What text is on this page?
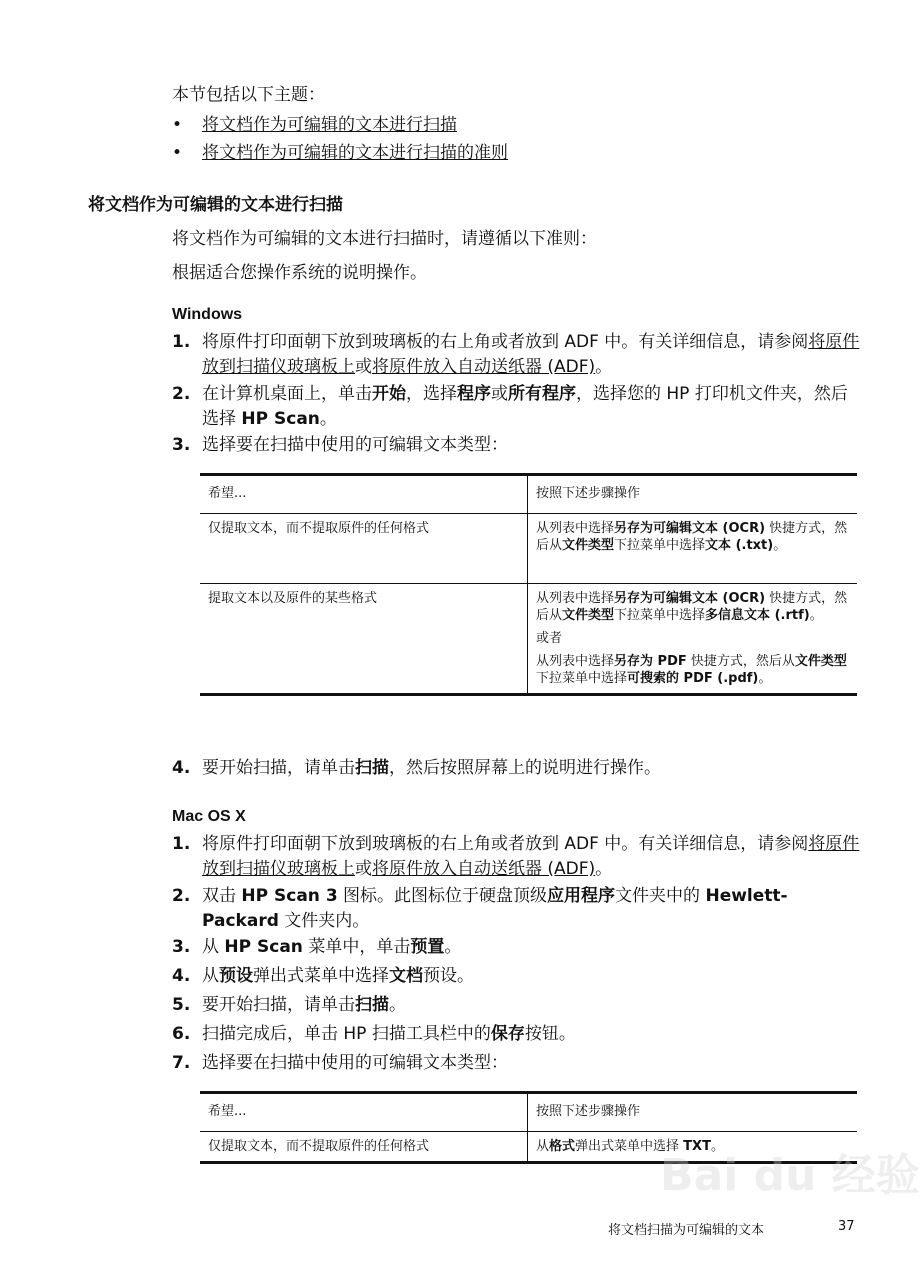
本节包括以下主题：
• 将文档作为可编辑的文本进行扫描
• 将文档作为可编辑的文本进行扫描的准则
将文档作为可编辑的文本进行扫描
将文档作为可编辑的文本进行扫描时，请遵循以下准则：
根据适合您操作系统的说明操作。
Windows
1. 将原件打印面朝下放到玻璃板的右上角或者放到 ADF 中。有关详细信息，请参阅将原件放到扫描仪玻璃板上或将原件放入自动送纸器 (ADF)。
2. 在计算机桌面上，单击开始，选择程序或所有程序，选择您的 HP 打印机文件夹，然后选择 HP Scan。
3. 选择要在扫描中使用的可编辑文本类型：
希望...	按照下述步骤操作
仅提取文本，而不提取原件的任何格式	从列表中选择另存为可编辑文本 (OCR) 快捷方式，然后从文件类型下拉菜单中选择文本 (.txt)。
提取文本以及原件的某些格式	从列表中选择另存为可编辑文本 (OCR) 快捷方式，然后从文件类型下拉菜单中选择多信息文本 (.rtf)。

或者

从列表中选择另存为 PDF 快捷方式，然后从文件类型下拉菜单中选择可搜索的 PDF (.pdf)。

4. 要开始扫描，请单击扫描，然后按照屏幕上的说明进行操作。
Mac OS X
1. 将原件打印面朝下放到玻璃板的右上角或者放到 ADF 中。有关详细信息，请参阅将原件放到扫描仪玻璃板上或将原件放入自动送纸器 (ADF)。
2. 双击 HP Scan 3 图标。此图标位于硬盘顶级应用程序文件夹中的 Hewlett-Packard 文件夹内。
3. 从 HP Scan 菜单中，单击预置。
4. 从预设弹出式菜单中选择文档预设。
5. 要开始扫描，请单击扫描。
6. 扫描完成后，单击 HP 扫描工具栏中的保存按钮。
7. 选择要在扫描中使用的可编辑文本类型：
希望...	按照下述步骤操作
仅提取文本，而不提取原件的任何格式	从格式弹出式菜单中选择 TXT。
Bai du 经验
将文档扫描为可编辑的文本	37
